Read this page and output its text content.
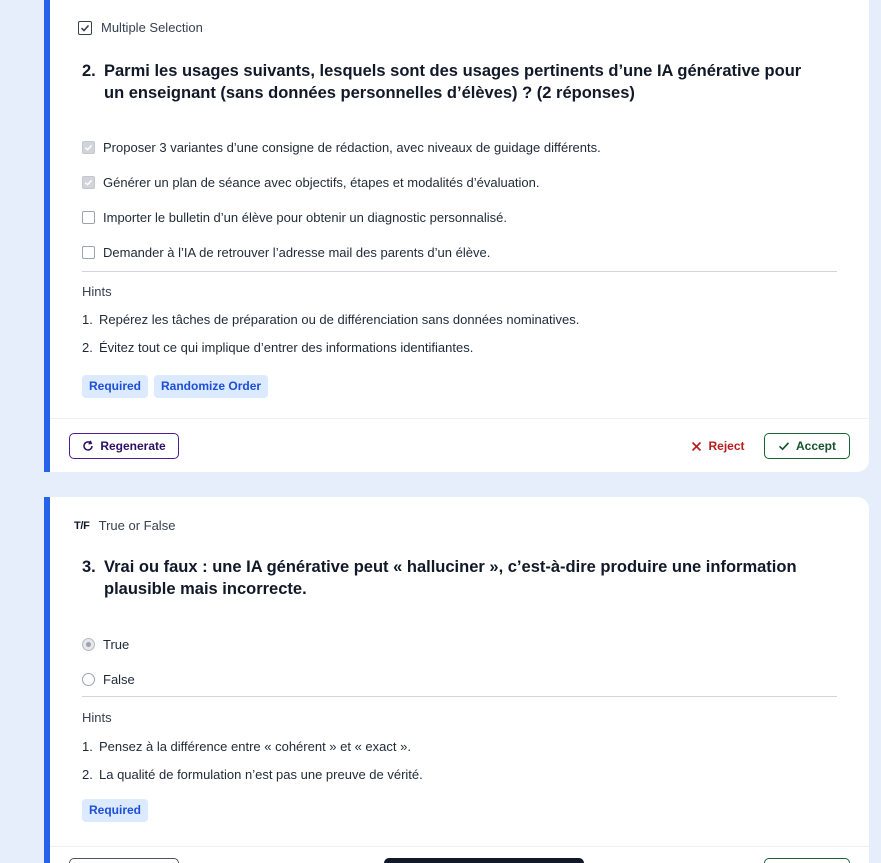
Multiple Selection
2. Parmi les usages suivants, lesquels sont des usages pertinents d’une IA générative pour un enseignant (sans données personnelles d’élèves) ? (2 réponses)
Proposer 3 variantes d’une consigne de rédaction, avec niveaux de guidage différents.
Générer un plan de séance avec objectifs, étapes et modalités d’évaluation.
Importer le bulletin d’un élève pour obtenir un diagnostic personnalisé.
Demander à l’IA de retrouver l’adresse mail des parents d’un élève.
Hints
1. Repérez les tâches de préparation ou de différenciation sans données nominatives.
2. Évitez tout ce qui implique d’entrer des informations identifiantes.
Required	Randomize Order
Regenerate	Reject	Accept
T/F True or False
3. Vrai ou faux : une IA générative peut « halluciner », c’est-à-dire produire une information plausible mais incorrecte.
True
False
Hints
1. Pensez à la différence entre « cohérent » et « exact ».
2. La qualité de formulation n’est pas une preuve de vérité.
Required
